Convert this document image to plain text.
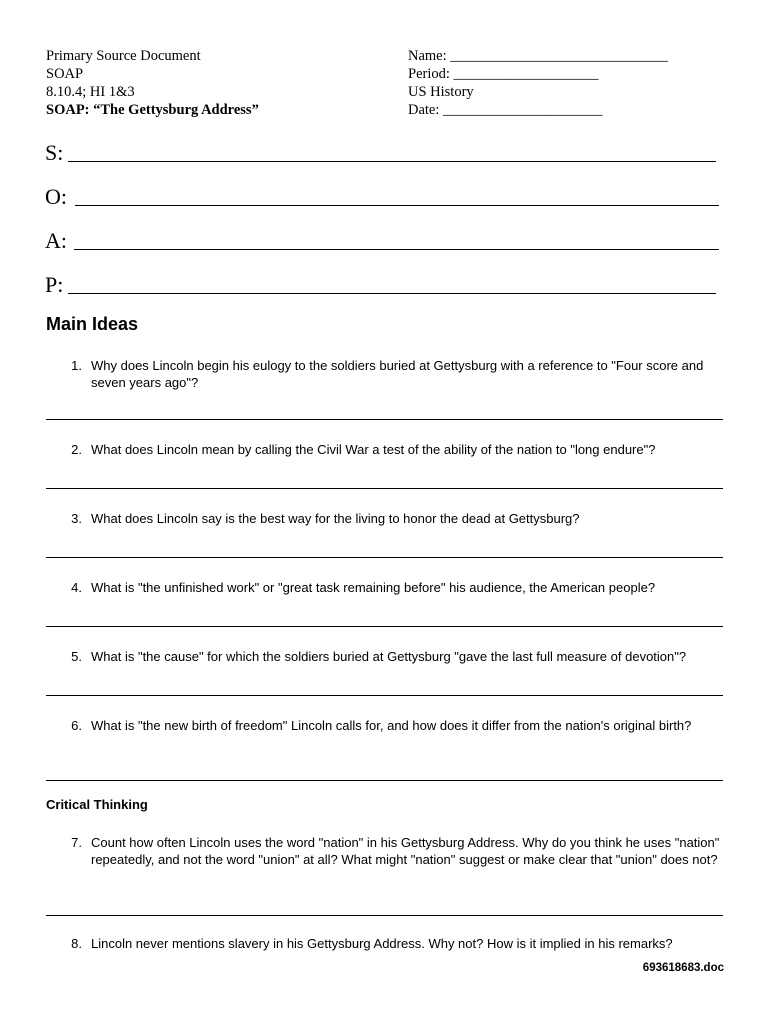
Primary Source Document
SOAP
8.10.4; HI 1&3
SOAP: “The Gettysburg Address”
Name: ______________________________
Period: ____________________
US History
Date: ______________________
S:
O:
A:
P:
Main Ideas
1. Why does Lincoln begin his eulogy to the soldiers buried at Gettysburg with a reference to "Four score and seven years ago"?
2. What does Lincoln mean by calling the Civil War a test of the ability of the nation to "long endure"?
3. What does Lincoln say is the best way for the living to honor the dead at Gettysburg?
4. What is "the unfinished work" or "great task remaining before" his audience, the American people?
5. What is "the cause" for which the soldiers buried at Gettysburg "gave the last full measure of devotion"?
6. What is "the new birth of freedom" Lincoln calls for, and how does it differ from the nation's original birth?
Critical Thinking
7. Count how often Lincoln uses the word "nation" in his Gettysburg Address. Why do you think he uses "nation" repeatedly, and not the word "union" at all? What might "nation" suggest or make clear that "union" does not?
8. Lincoln never mentions slavery in his Gettysburg Address. Why not? How is it implied in his remarks?
693618683.doc
